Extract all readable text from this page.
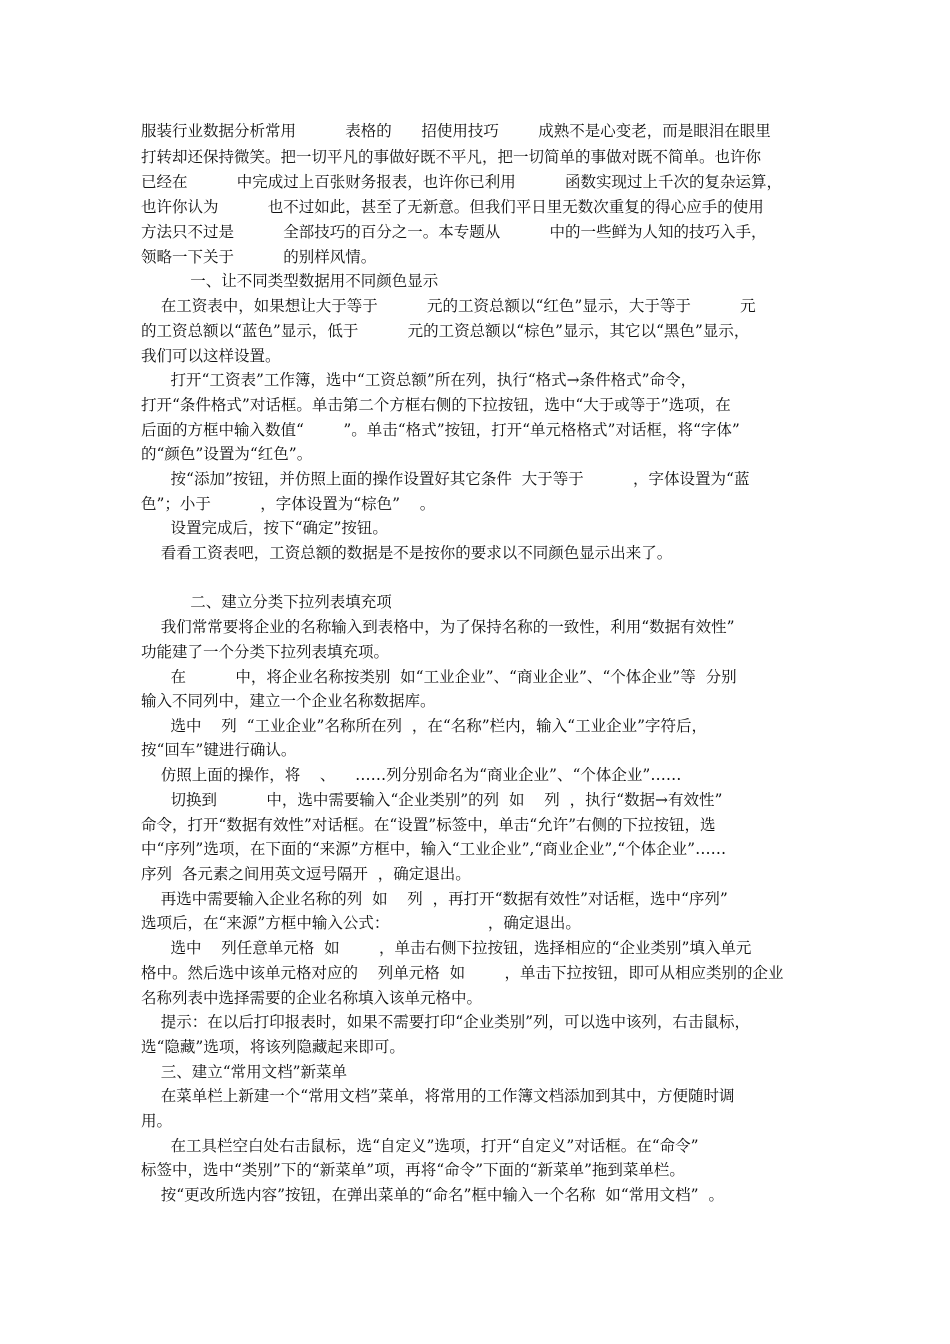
服装行业数据分析常用          表格的      招使用技巧        成熟不是心变老，而是眼泪在眼里

打转却还保持微笑。把一切平凡的事做好既不平凡，把一切简单的事做对既不简单。也许你

已经在          中完成过上百张财务报表，也许你已利用          函数实现过上千次的复杂运算，

也许你认为          也不过如此，甚至了无新意。但我们平日里无数次重复的得心应手的使用

方法只不过是          全部技巧的百分之一。本专题从          中的一些鲜为人知的技巧入手，

领略一下关于          的别样风情。

一、让不同类型数据用不同颜色显示

在工资表中，如果想让大于等于          元的工资总额以“红色”显示，大于等于          元

的工资总额以“蓝色”显示，低于          元的工资总额以“棕色”显示，其它以“黑色”显示，

我们可以这样设置。

打开“工资表”工作簿，选中“工资总额”所在列，执行“格式→条件格式”命令，

打开“条件格式”对话框。单击第二个方框右侧的下拉按钮，选中“大于或等于”选项，在

后面的方框中输入数值“        ”。单击“格式”按钮，打开“单元格格式”对话框，将“字体”

的“颜色”设置为“红色”。

按“添加”按钮，并仿照上面的操作设置好其它条件  大于等于          ，字体设置为“蓝

色”；小于          ，字体设置为“棕色”    。

设置完成后，按下“确定”按钮。

看看工资表吧，工资总额的数据是不是按你的要求以不同颜色显示出来了。

二、建立分类下拉列表填充项

我们常常要将企业的名称输入到表格中，为了保持名称的一致性，利用“数据有效性”

功能建了一个分类下拉列表填充项。

在          中，将企业名称按类别  如“工业企业”、“商业企业”、“个体企业”等  分别

输入不同列中，建立一个企业名称数据库。

选中    列  “工业企业”名称所在列  ，在“名称”栏内，输入“工业企业”字符后，

按“回车”键进行确认。

仿照上面的操作，将    、    ……列分别命名为“商业企业”、“个体企业”……

切换到          中，选中需要输入“企业类别”的列  如    列  ，执行“数据→有效性”

命令，打开“数据有效性”对话框。在“设置”标签中，单击“允许”右侧的下拉按钮，选

中“序列”选项，在下面的“来源”方框中，输入“工业企业”,“商业企业”,“个体企业”……

序列  各元素之间用英文逗号隔开  ，确定退出。

再选中需要输入企业名称的列  如    列  ，再打开“数据有效性”对话框，选中“序列”

选项后，在“来源”方框中输入公式：                    ，确定退出。

选中    列任意单元格  如        ，单击右侧下拉按钮，选择相应的“企业类别”填入单元

格中。然后选中该单元格对应的    列单元格  如        ，单击下拉按钮，即可从相应类别的企业

名称列表中选择需要的企业名称填入该单元格中。

提示：在以后打印报表时，如果不需要打印“企业类别”列，可以选中该列，右击鼠标，

选“隐藏”选项，将该列隐藏起来即可。

三、建立“常用文档”新菜单

在菜单栏上新建一个“常用文档”菜单，将常用的工作簿文档添加到其中，方便随时调

用。

在工具栏空白处右击鼠标，选“自定义”选项，打开“自定义”对话框。在“命令”

标签中，选中“类别”下的“新菜单”项，再将“命令”下面的“新菜单”拖到菜单栏。

按“更改所选内容”按钮，在弹出菜单的“命名”框中输入一个名称  如“常用文档”  。
